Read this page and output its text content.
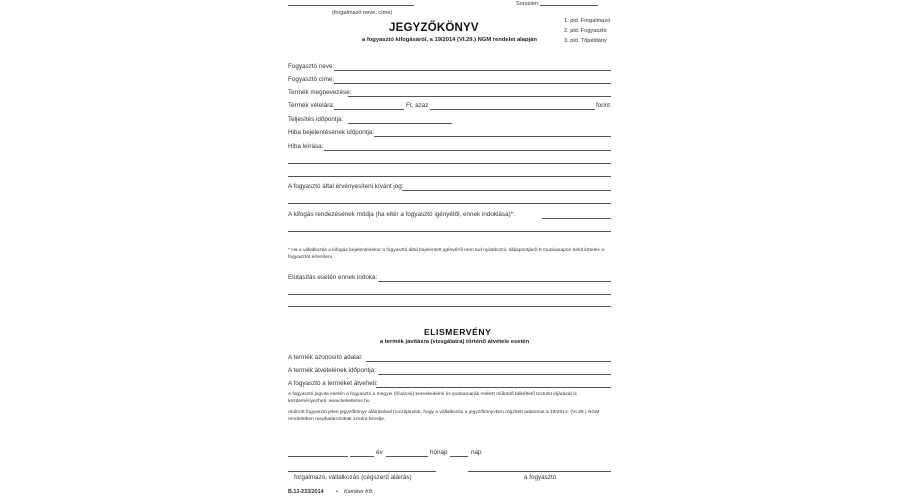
(forgalmazó neve, címe)
Sorszám:
JEGYZŐKÖNYV
a fogyasztó kifogásáról, a 19/2014 (VI.29.) NGM rendelet alapján
1. pld. Forgalmazó
2. pld. Fogyasztó
3. pld. Tőpéldány
Fogyasztó neve:
Fogyasztó címe:
Termék megnevezése:
Termék vételára:	Ft, azaz	forint
Teljesítés időpontja:
Hiba bejelentésének időpontja:
Hiba leírása:
A fogyasztó által érvényesíteni kívánt jog:
A kifogás rendezésének módja (ha eltér a fogyasztó igényétől, ennek indoklása)*:
* Ha a vállalkozás a kifogás bejelentésekor a fogyasztó által bejelentett igényéről nem tud nyilatkozni, álláspontjáról 5 munkanapon belül köteles a fogyasztót értesíteni.
Elutasítás esetén ennek indoka:
ELISMERVÉNY
a termék javításra (vizsgálatra) történő átvétele esetén
A termék azonosító adatai:
A termék átvételének időpontja:
A fogyasztó a terméket átveheti:
A fogyasztó jogvita esetén a fogyasztó a megyei (fővárosi) kereskedelmi és iparkamarák mellett működő békéltető testület eljárását is kezdeményezheti. www.bekeltetes.hu
Alulírott fogyasztó jelen jegyzőkönyv aláírásával hozzájárulok, hogy a vállalkozás a jegyzőkönyvben rögzített adatomat a 19/2014. (VI.29.) NGM rendeletben meghatározottak szerint kezelje.
év	hónap	nap
forgalmazó, vállalkozás (cégszerű aláírás)	a fogyasztó
B.13-233/2014 • Kamiker Kft.
